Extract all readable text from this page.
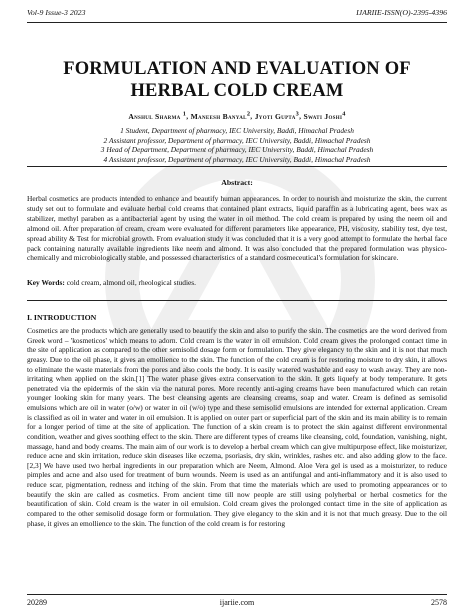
Vol-9 Issue-3 2023	IJARIIE-ISSN(O)-2395-4396
FORMULATION AND EVALUATION OF
HERBAL COLD CREAM
Anshul Sharma $^1$, Maneesh Banyal$^2$, Jyoti Gupta$^3$, Swati Joshi$^4$
1 Student, Department of pharmacy, IEC University, Baddi, Himachal Pradesh
2 Assistant professor, Department of pharmacy, IEC University, Baddi, Himachal Pradesh
3 Head of Department, Department of pharmacy, IEC University, Baddi, Himachal Pradesh
4 Assistant professor, Department of pharmacy, IEC University, Baddi, Himachal Pradesh
Abstract:
Herbal cosmetics are products intended to enhance and beautify human appearances. In order to nourish and moisturize the skin, the current study set out to formulate and evaluate herbal cold creams that contained plant extracts, liquid paraffin as a lubricating agent, bees wax as stabilizer, methyl paraben as a antibacterial agent by using the water in oil method. The cold cream is prepared by using the neem oil and almond oil. After preparation of cream, cream were evaluated for different parameters like appearance, PH, viscosity, stability test, dye test, spread ability & Test for microbial growth. From evaluation study it was concluded that it is a very good attempt to formulate the herbal face pack containing naturally available ingredients like neem and almond. It was also concluded that the prepared formulation was physico-chemically and microbiologically stable, and possessed characteristics of a standard cosmeceutical's formulation for skincare.
Key Words: cold cream, almond oil, rheological studies.
I. INTRODUCTION

Cosmetics are the products which are generally used to beautify the skin and also to purify the skin. The cosmetics are the word derived from Greek word – 'kosmeticos' which means to adorn. Cold cream is the water in oil emulsion. Cold cream gives the prolonged contact time in the site of application as compared to the other semisolid dosage form or formulation. They give elegancy to the skin and it is not that much greasy. Due to the oil phase, it gives an emollience to the skin. The function of the cold cream is for restoring moisture to dry skin, it allows to eliminate the waste materials from the pores and also cools the body. It is easily watered washable and easy to wash away. They are non-irritating when applied on the skin.[1] The water phase gives extra conservation to the skin. It gets liquefy at body temperature. It gets penetrated via the epidermis of the skin via the natural pores. More recently anti-aging creams have been manufactured which can retain younger looking skin for many years. The best cleansing agents are cleansing creams, soap and water. Cream is defined as semisolid emulsions which are oil in water (o/w) or water in oil (w/o) type and these semisolid emulsions are intended for external application. Cream is classified as oil in water and water in oil emulsion. It is applied on outer part or superficial part of the skin and its main ability is to remain for a longer period of time at the site of application. The function of a skin cream is to protect the skin against different environmental condition, weather and gives soothing effect to the skin. There are different types of creams like cleansing, cold, foundation, vanishing, night, massage, hand and body creams. The main aim of our work is to develop a herbal cream which can give multipurpose effect, like moisturizer, reduce acne and skin irritation, reduce skin diseases like eczema, psoriasis, dry skin, wrinkles, rashes etc. and also adding glow to the face. [2,3] We have used two herbal ingredients in our preparation which are Neem, Almond. Aloe Vera gel is used as a moisturizer, to reduce pimples and acne and also used for treatment of burn wounds. Neem is used as an antifungal and anti-inflammatory and it is also used to reduce scar, pigmentation, redness and itching of the skin. From that time the materials which are used to promoting appearances or to beautify the skin are called as cosmetics. From ancient time till now people are still using polyherbal or herbal cosmetics for the beautification of skin. Cold cream is the water in oil emulsion. Cold cream gives the prolonged contact time in the site of application as compared to the other semisolid dosage form or formulation. They give elegancy to the skin and it is not that much greasy. Due to the oil phase, it gives an emollience to the skin. The function of the cold cream is for restoring

20289	ijariie.com	2578
